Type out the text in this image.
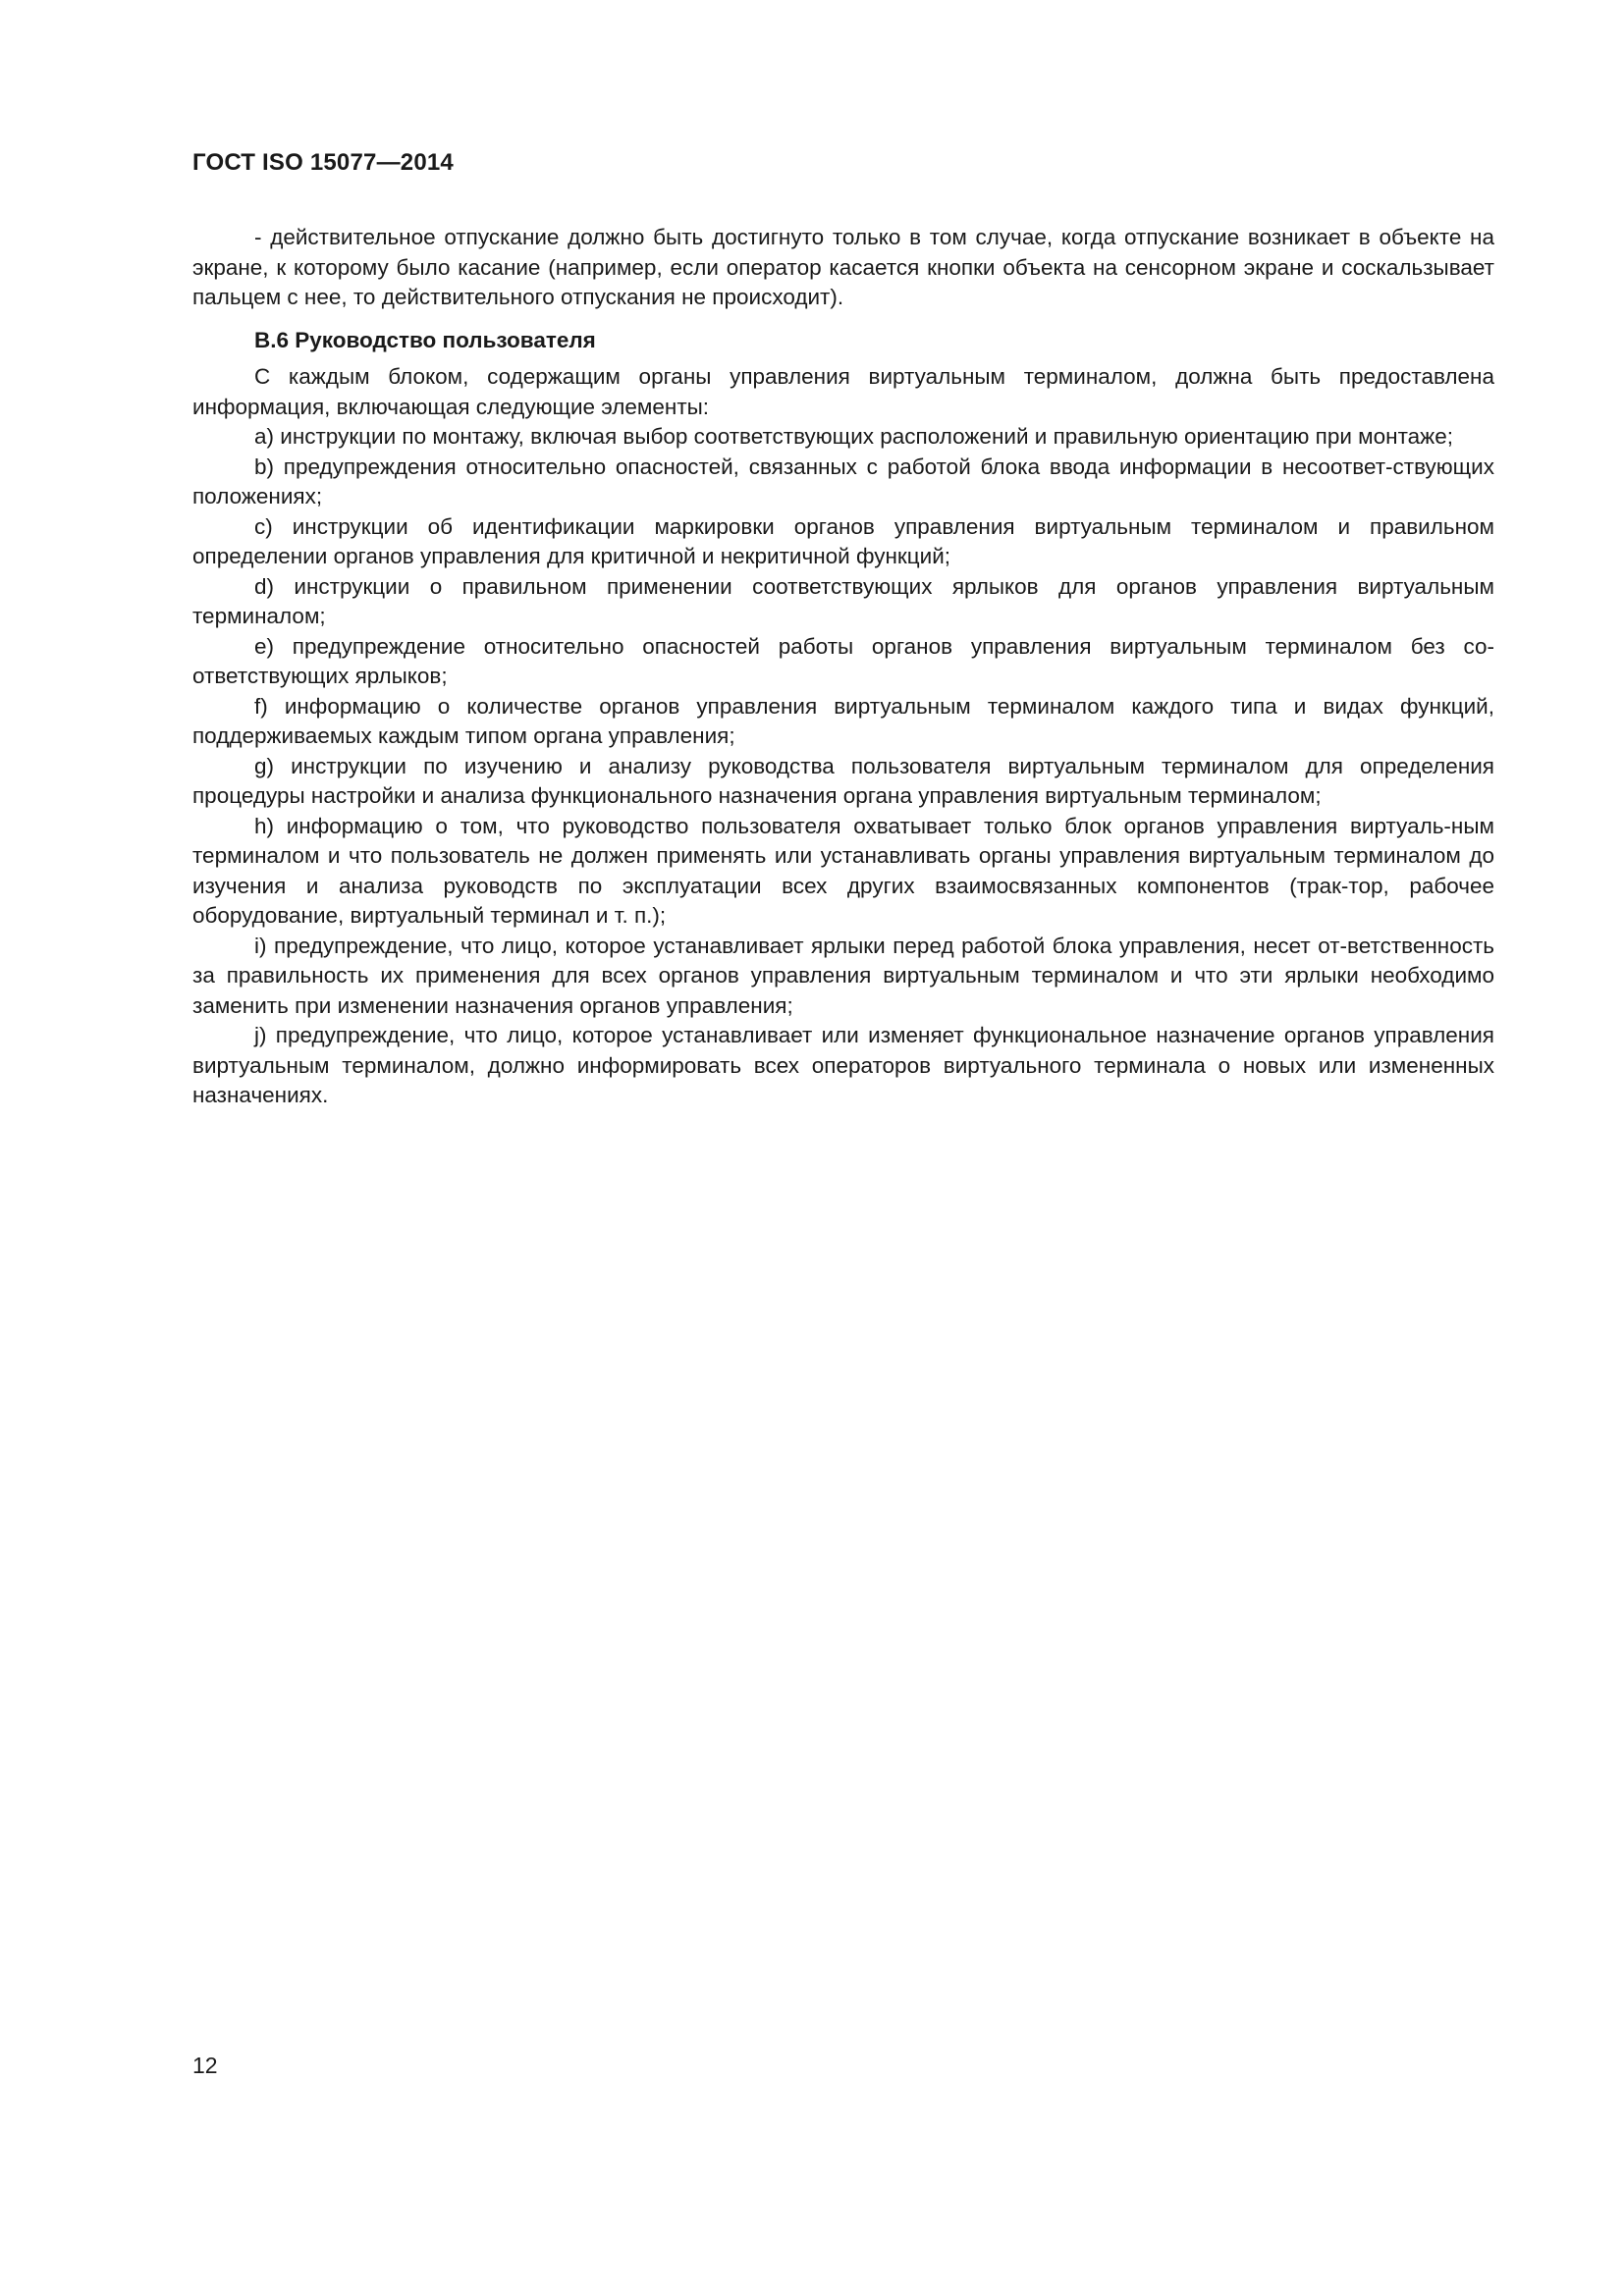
ГОСТ ISO 15077—2014

- действительное отпускание должно быть достигнуто только в том случае, когда отпускание возникает в объекте на экране, к которому было касание (например, если оператор касается кнопки объекта на сенсорном экране и соскальзывает пальцем с нее, то действительного отпускания не происходит).

B.6 Руководство пользователя

С каждым блоком, содержащим органы управления виртуальным терминалом, должна быть предоставлена информация, включающая следующие элементы:

a) инструкции по монтажу, включая выбор соответствующих расположений и правильную ориентацию при монтаже;

b) предупреждения относительно опасностей, связанных с работой блока ввода информации в несоответ-ствующих положениях;

c) инструкции об идентификации маркировки органов управления виртуальным терминалом и правильном определении органов управления для критичной и некритичной функций;

d) инструкции о правильном применении соответствующих ярлыков для органов управления виртуальным терминалом;

e) предупреждение относительно опасностей работы органов управления виртуальным терминалом без со-ответствующих ярлыков;

f) информацию о количестве органов управления виртуальным терминалом каждого типа и видах функций, поддерживаемых каждым типом органа управления;

g) инструкции по изучению и анализу руководства пользователя виртуальным терминалом для определения процедуры настройки и анализа функционального назначения органа управления виртуальным терминалом;

h) информацию о том, что руководство пользователя охватывает только блок органов управления виртуаль-ным терминалом и что пользователь не должен применять или устанавливать органы управления виртуальным терминалом до изучения и анализа руководств по эксплуатации всех других взаимосвязанных компонентов (трак-тор, рабочее оборудование, виртуальный терминал и т. п.);

i) предупреждение, что лицо, которое устанавливает ярлыки перед работой блока управления, несет от-ветственность за правильность их применения для всех органов управления виртуальным терминалом и что эти ярлыки необходимо заменить при изменении назначения органов управления;

j) предупреждение, что лицо, которое устанавливает или изменяет функциональное назначение органов управления виртуальным терминалом, должно информировать всех операторов виртуального терминала о новых или измененных назначениях.

12
